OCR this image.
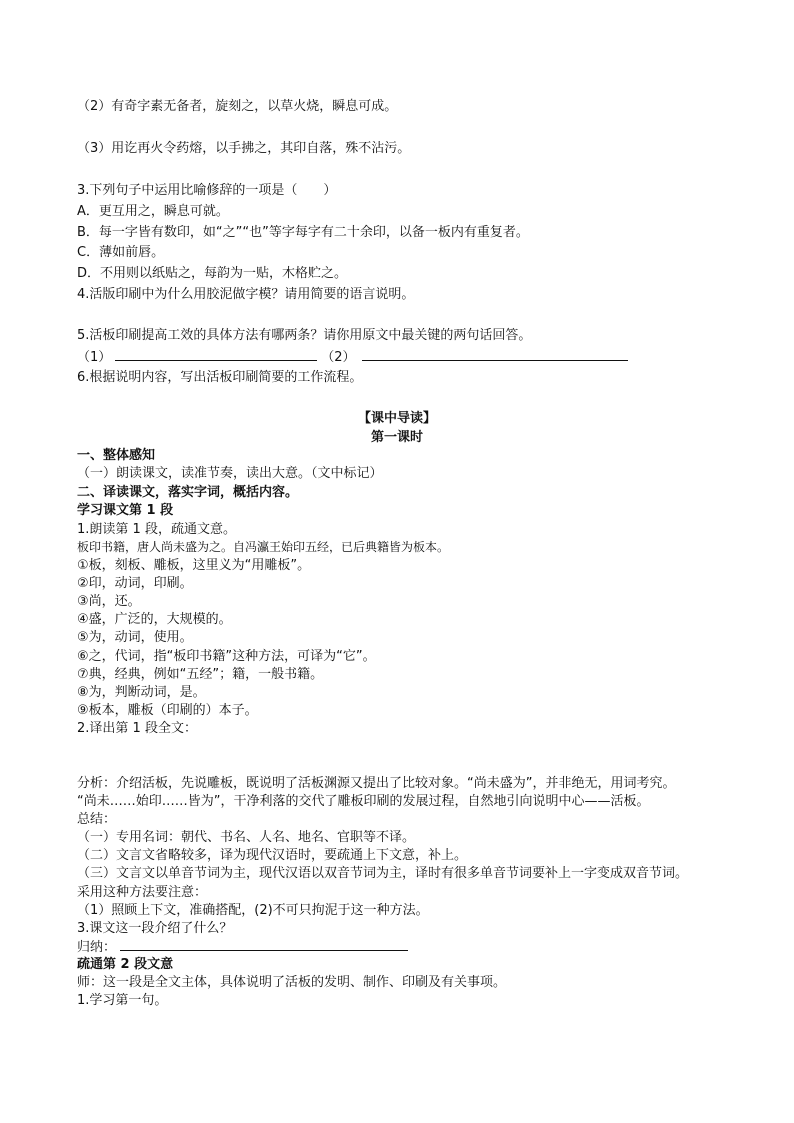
（2）有奇字素无备者，旋刻之，以草火烧，瞬息可成。
（3）用讫再火令药熔，以手拂之，其印自落，殊不沾污。
3.下列句子中运用比喻修辞的一项是（　　）
A．更互用之，瞬息可就。
B．每一字皆有数印，如“之”“也”等字每字有二十余印，以备一板内有重复者。
C．薄如前唇。
D．不用则以纸贴之，每韵为一贴，木格贮之。
4.活版印刷中为什么用胶泥做字模？请用简要的语言说明。
5.活板印刷提高工效的具体方法有哪两条？请你用原文中最关键的两句话回答。
（1）	（2）
6.根据说明内容，写出活板印刷简要的工作流程。
【课中导读】
第一课时
一、整体感知
（一）朗读课文，读准节奏，读出大意。（文中标记）
二、译读课文，落实字词，概括内容。
学习课文第 1 段
1.朗读第 1 段，疏通文意。
板印书籍，唐人尚未盛为之。自冯瀛王始印五经，已后典籍皆为板本。
①板，刻板、雕板，这里义为“用雕板”。
②印，动词，印刷。
③尚，还。
④盛，广泛的，大规模的。
⑤为，动词，使用。
⑥之，代词，指“板印书籍”这种方法，可译为“它”。
⑦典，经典，例如“五经”；籍，一般书籍。
⑧为，判断动词，是。
⑨板本，雕板（印刷的）本子。
2.译出第 1 段全文：
分析：介绍活板，先说雕板，既说明了活板渊源又提出了比较对象。“尚未盛为”，并非绝无，用词考究。
“尚未……始印……皆为”，干净利落的交代了雕板印刷的发展过程，自然地引向说明中心——活板。
总结：
（一）专用名词：朝代、书名、人名、地名、官职等不译。
（二）文言文省略较多，译为现代汉语时，要疏通上下文意，补上。
（三）文言文以单音节词为主，现代汉语以双音节词为主，译时有很多单音节词要补上一字变成双音节词。
采用这种方法要注意：
（1）照顾上下文，准确搭配，(2)不可只拘泥于这一种方法。
3.课文这一段介绍了什么？
归纳：
疏通第 2 段文意
师：这一段是全文主体，具体说明了活板的发明、制作、印刷及有关事项。
1.学习第一句。
